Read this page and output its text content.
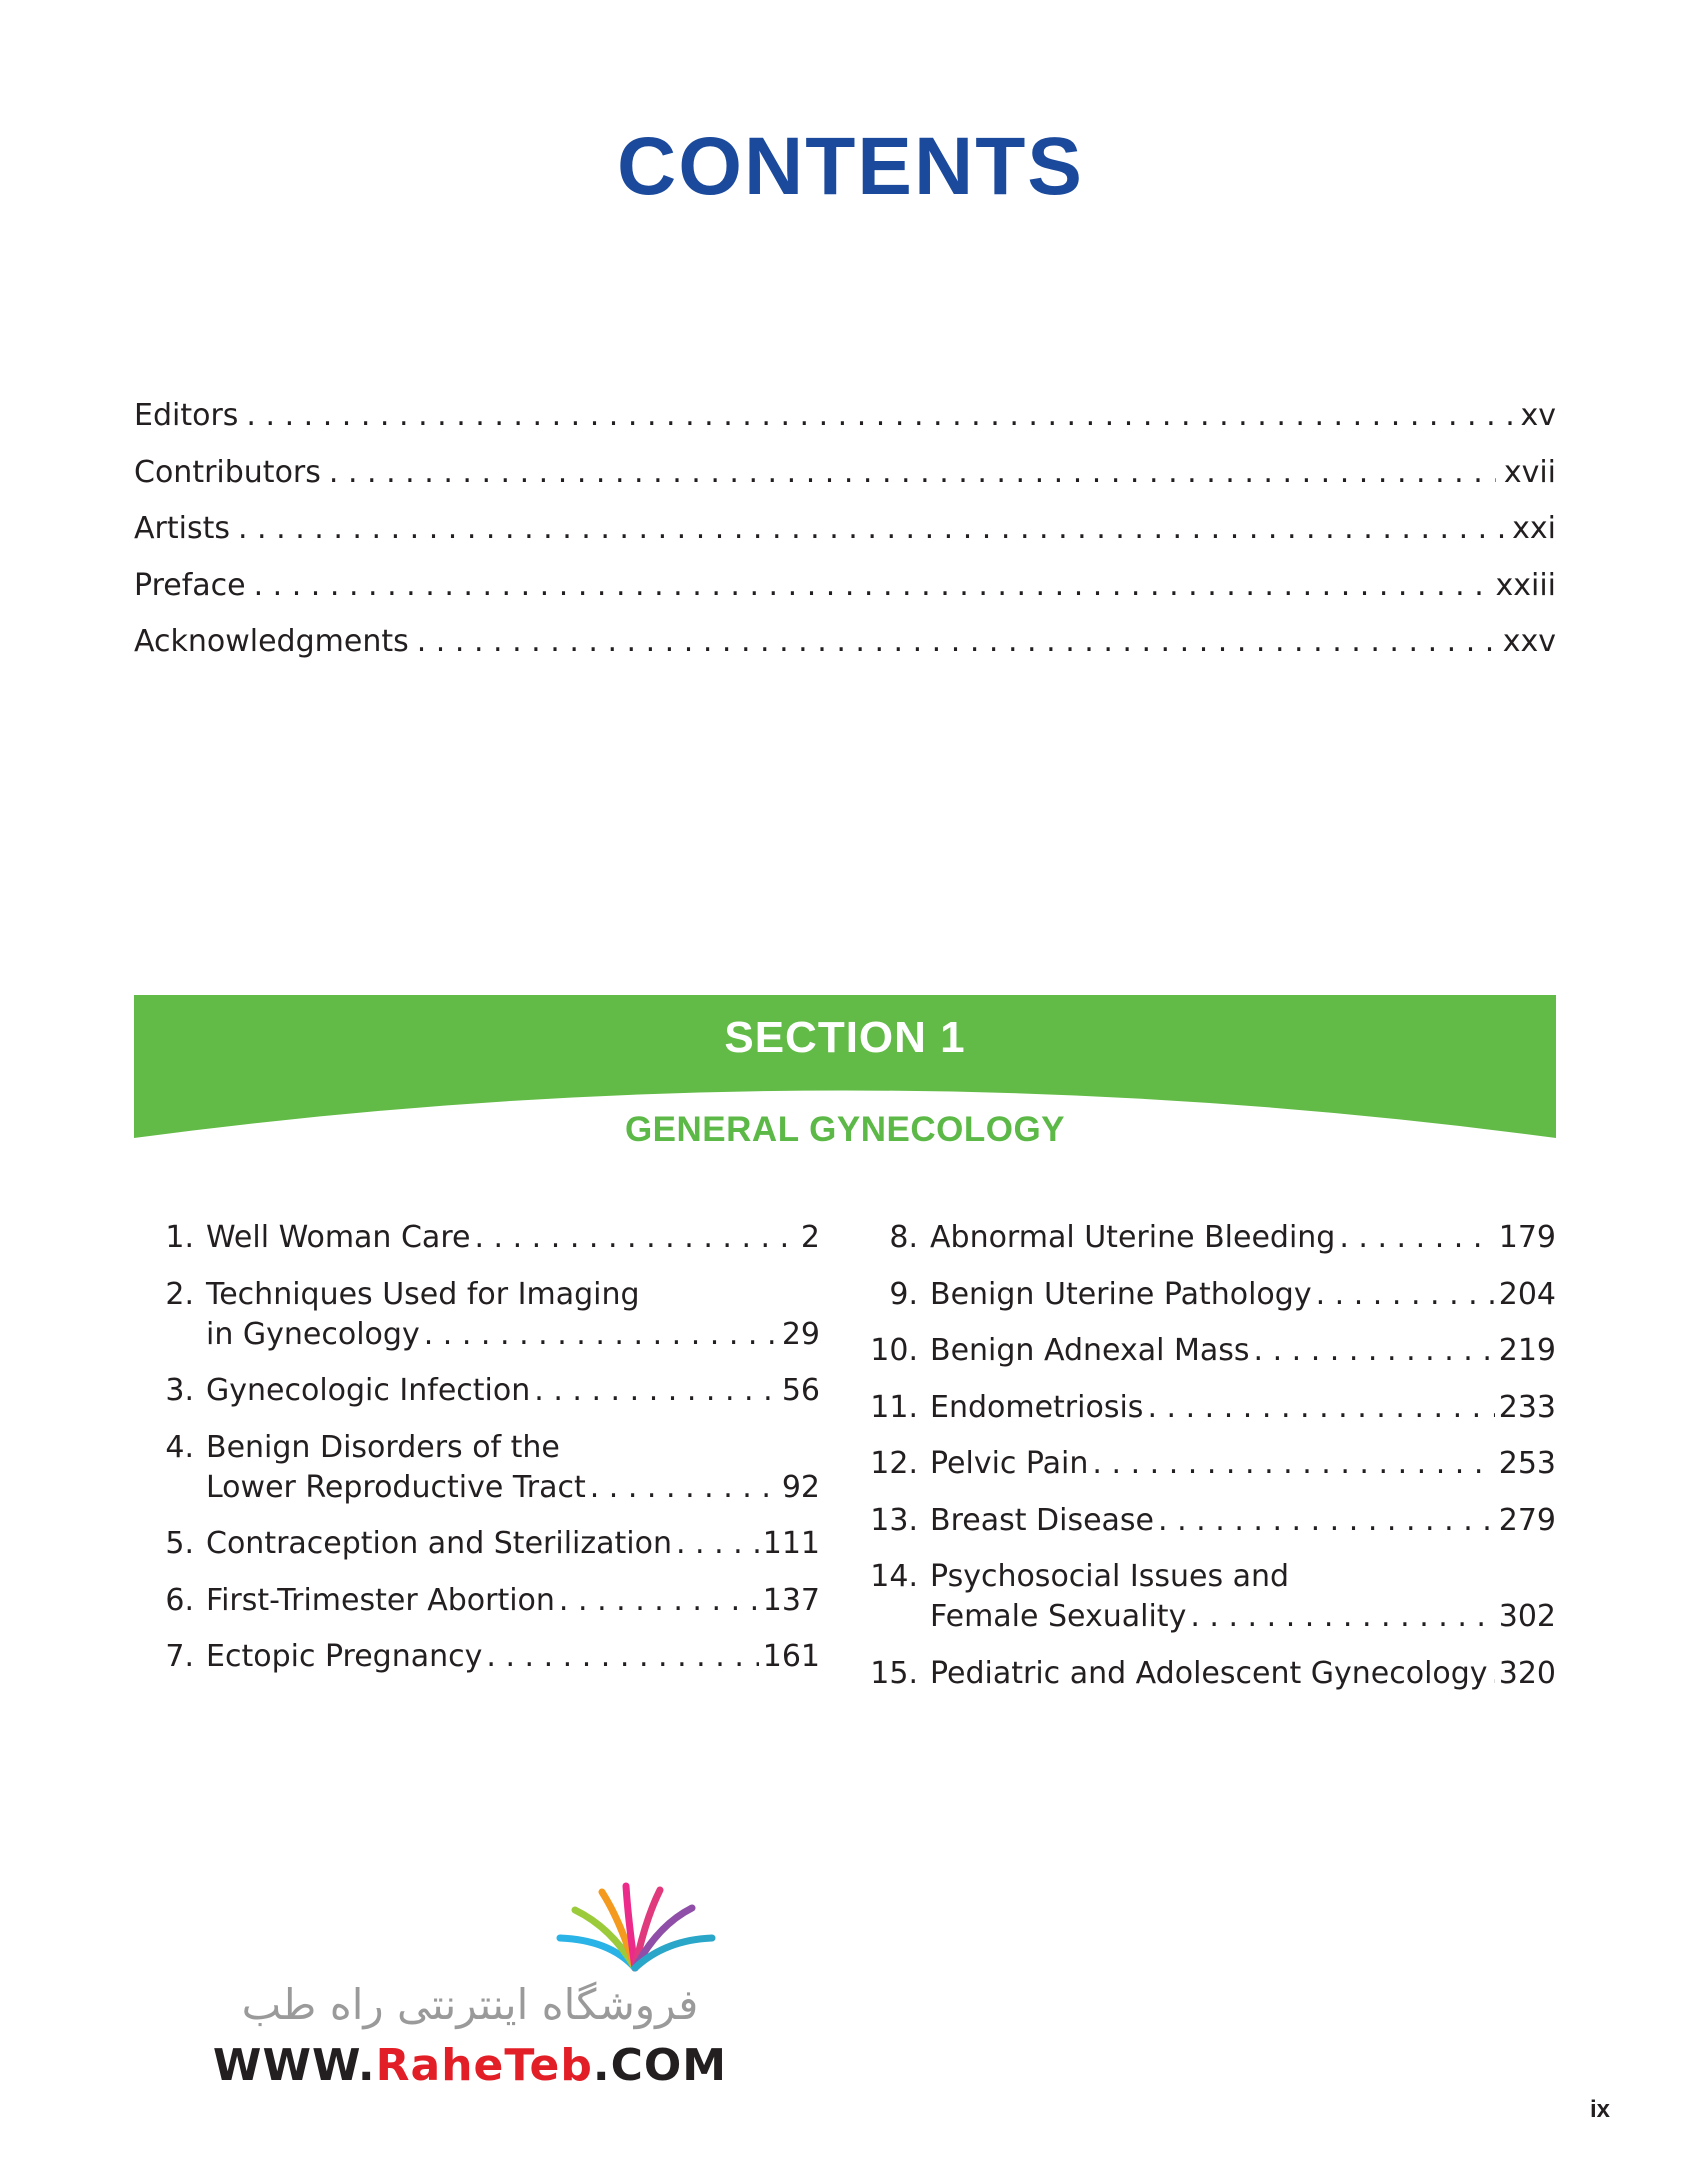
CONTENTS
Editors . . .	xv
Contributors . . .	xvii
Artists . . .	xxi
Preface . . .	xxiii
Acknowledgments . . .	xxv
SECTION 1
GENERAL GYNECOLOGY
1. Well Woman Care . . .	2
2. Techniques Used for Imaging
in Gynecology . . .	29
3. Gynecologic Infection . . .	56
4. Benign Disorders of the
Lower Reproductive Tract . . .	92
5. Contraception and Sterilization . . .	111
6. First-Trimester Abortion . . .	137
7. Ectopic Pregnancy . . .	161
8. Abnormal Uterine Bleeding . . .	179
9. Benign Uterine Pathology . . .	204
10. Benign Adnexal Mass . . .	219
11. Endometriosis . . .	233
12. Pelvic Pain . . .	253
13. Breast Disease . . .	279
14. Psychosocial Issues and
Female Sexuality . . .	302
15. Pediatric and Adolescent Gynecology . . . 320
فروشگاه اینترنتی راه طب
WWW.RaheTeb.COM
ix
